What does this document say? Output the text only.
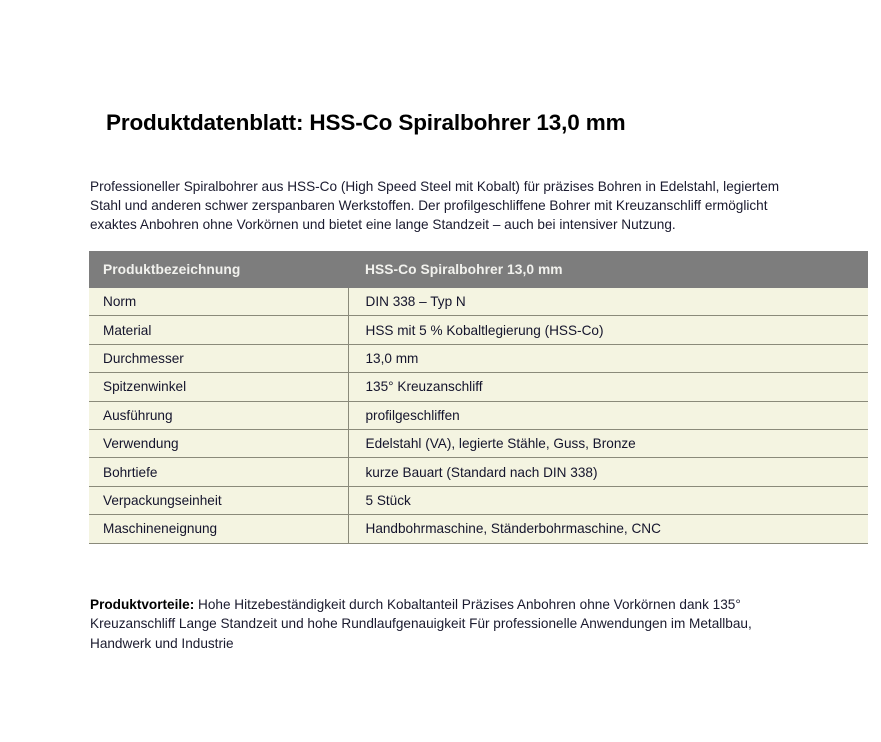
Produktdatenblatt: HSS-Co Spiralbohrer 13,0 mm

Professioneller Spiralbohrer aus HSS-Co (High Speed Steel mit Kobalt) für präzises Bohren in Edelstahl, legiertem Stahl und anderen schwer zerspanbaren Werkstoffen. Der profilgeschliffene Bohrer mit Kreuzanschliff ermöglicht exaktes Anbohren ohne Vorkörnen und bietet eine lange Standzeit – auch bei intensiver Nutzung.

Produktbezeichnung	HSS-Co Spiralbohrer 13,0 mm
Norm	DIN 338 – Typ N
Material	HSS mit 5 % Kobaltlegierung (HSS-Co)
Durchmesser	13,0 mm
Spitzenwinkel	135° Kreuzanschliff
Ausführung	profilgeschliffen
Verwendung	Edelstahl (VA), legierte Stähle, Guss, Bronze
Bohrtiefe	kurze Bauart (Standard nach DIN 338)
Verpackungseinheit	5 Stück
Maschineneignung	Handbohrmaschine, Ständerbohrmaschine, CNC

Produktvorteile: Hohe Hitzebeständigkeit durch Kobaltanteil Präzises Anbohren ohne Vorkörnen dank 135° Kreuzanschliff Lange Standzeit und hohe Rundlaufgenauigkeit Für professionelle Anwendungen im Metallbau, Handwerk und Industrie
